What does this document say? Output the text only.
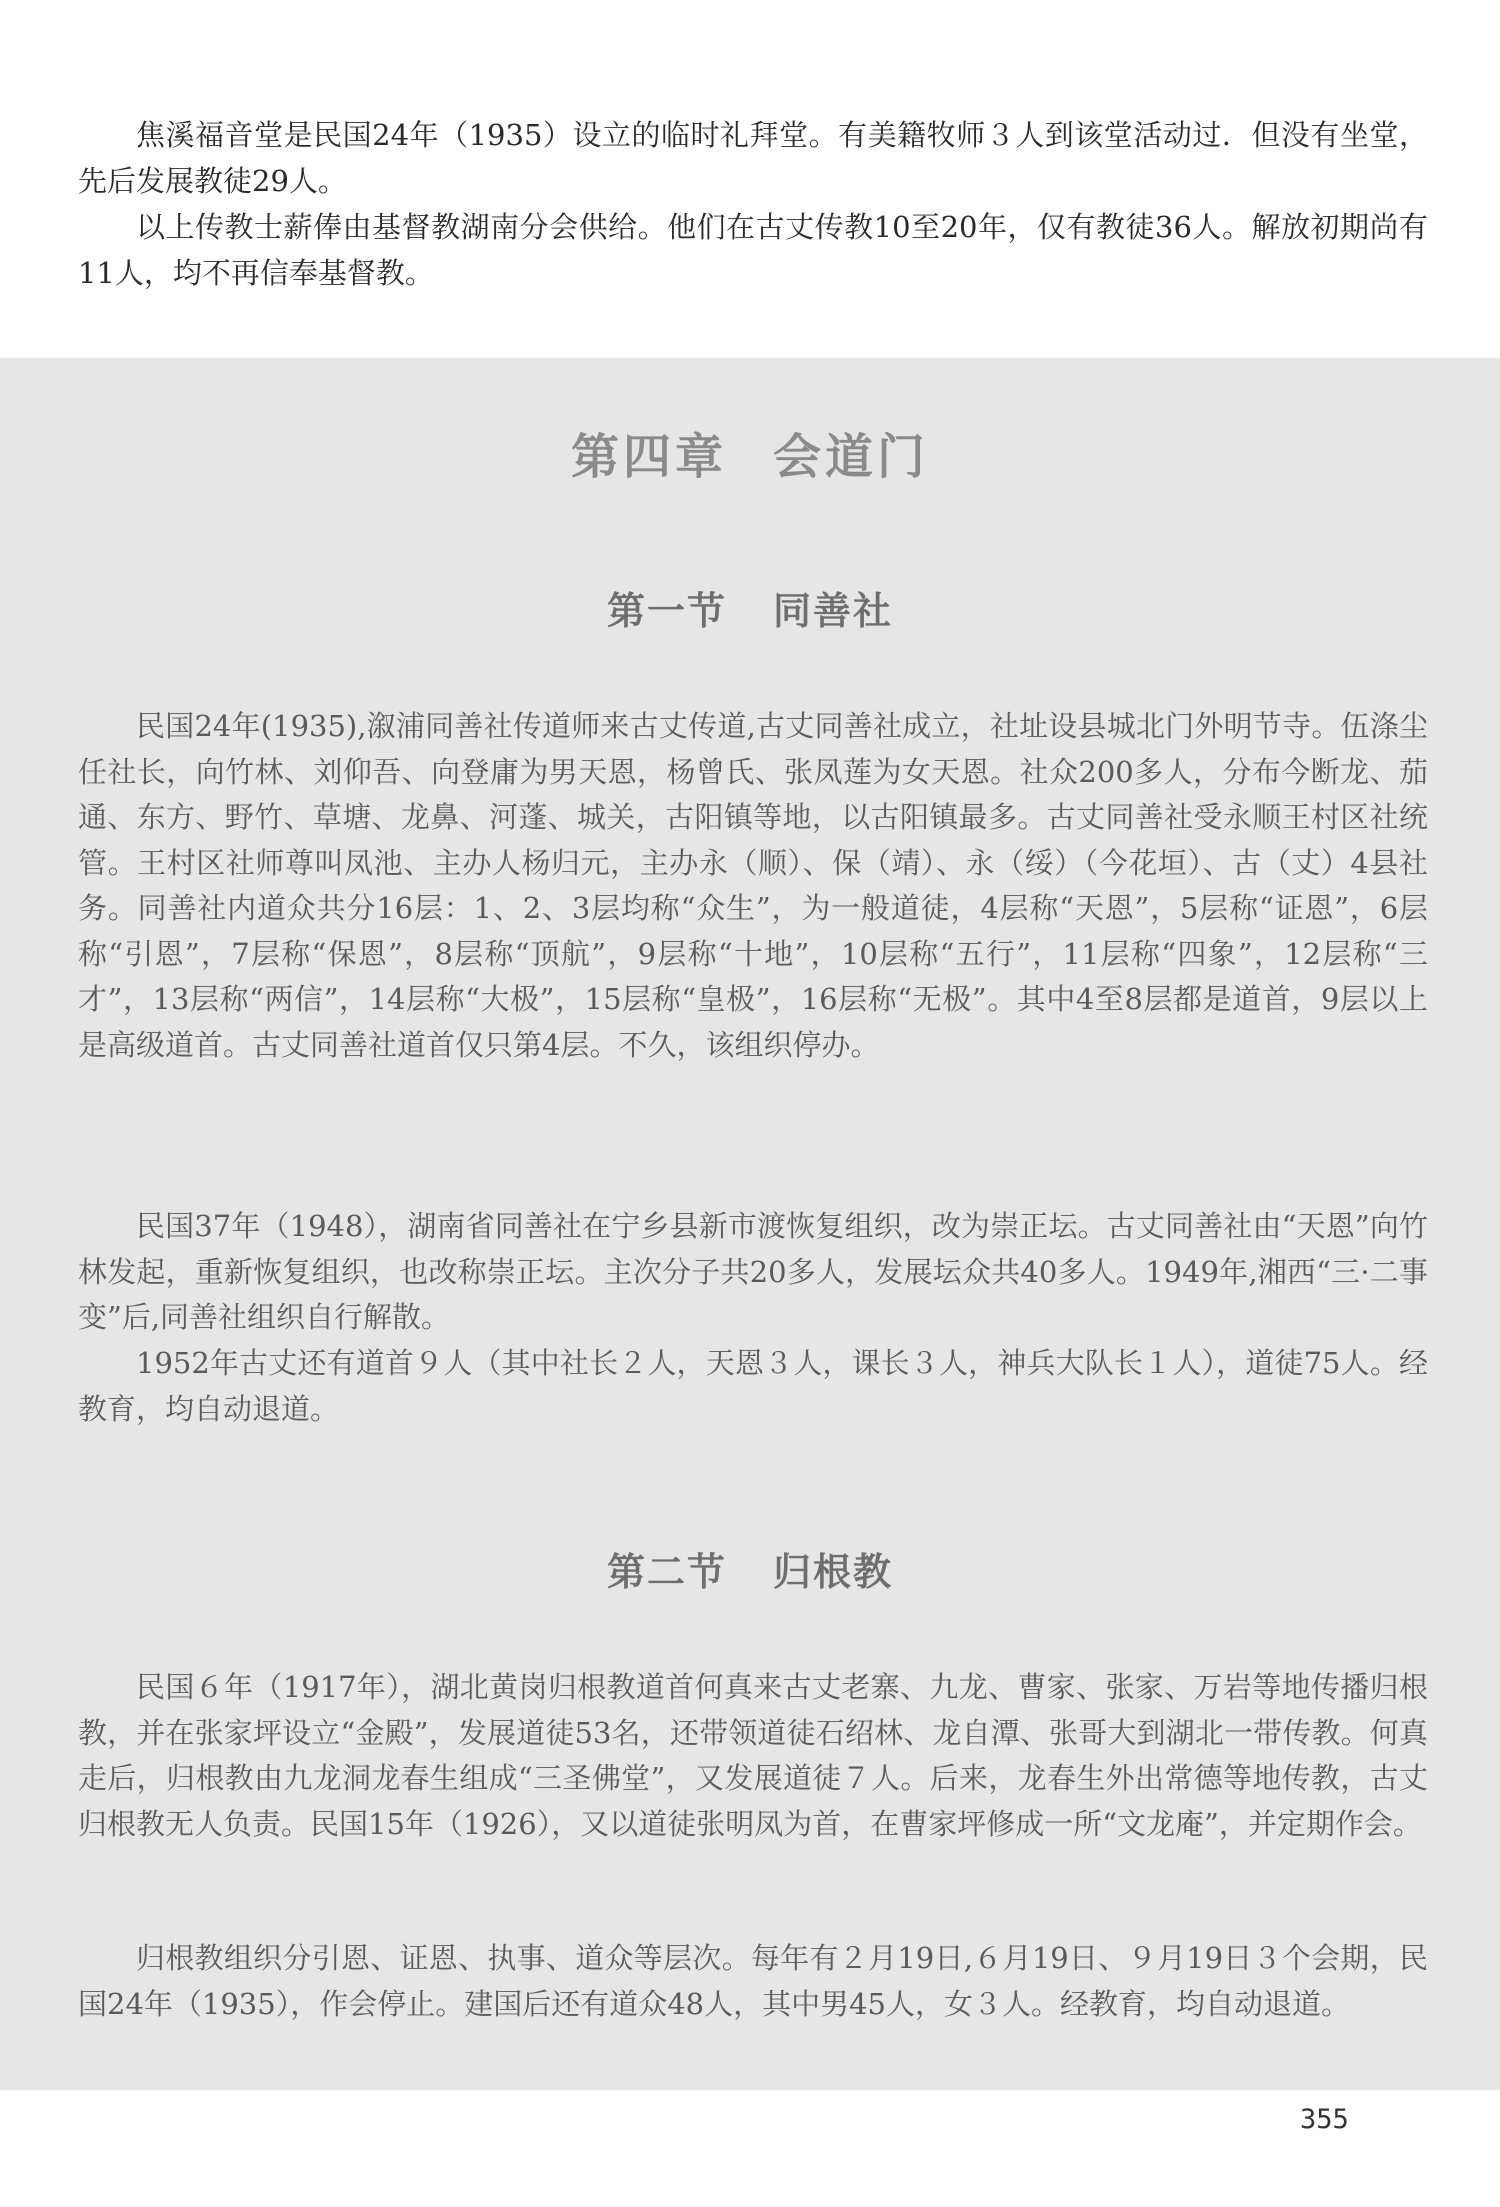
焦溪福音堂是民国24年（1935）设立的临时礼拜堂。有美籍牧师３人到该堂活动过．但没有坐堂，先后发展教徒29人。

以上传教士薪俸由基督教湖南分会供给。他们在古丈传教10至20年，仅有教徒36人。解放初期尚有11人，均不再信奉基督教。

第四章 会道门
第一节 同善社

民国24年(1935),溆浦同善社传道师来古丈传道,古丈同善社成立，社址设县城北门外明节寺。伍涤尘任社长，向竹林、刘仰吾、向登庸为男天恩，杨曾氏、张凤莲为女天恩。社众200多人，分布今断龙、茄通、东方、野竹、草塘、龙鼻、河蓬、城关，古阳镇等地，以古阳镇最多。古丈同善社受永顺王村区社统管。王村区社师尊叫凤池、主办人杨归元，主办永（顺）、保（靖）、永（绥）（今花垣）、古（丈）4县社务。同善社内道众共分16层：1、2、3层均称“众生”，为一般道徒，4层称“天恩”，5层称“证恩”，6层称“引恩”，7层称“保恩”，8层称“顶航”，9层称“十地”，10层称“五行”，11层称“四象”，12层称“三才”，13层称“两信”，14层称“大极”，15层称“皇极”，16层称“无极”。其中4至8层都是道首，9层以上是高级道首。古丈同善社道首仅只第4层。不久，该组织停办。

民国37年（1948），湖南省同善社在宁乡县新市渡恢复组织，改为崇正坛。古丈同善社由“天恩”向竹林发起，重新恢复组织，也改称崇正坛。主次分子共20多人，发展坛众共40多人。1949年,湘西“三·二事变”后,同善社组织自行解散。

1952年古丈还有道首９人（其中社长２人，天恩３人，课长３人，神兵大队长１人），道徒75人。经教育，均自动退道。

第二节 归根教

民国６年（1917年），湖北黄岗归根教道首何真来古丈老寨、九龙、曹家、张家、万岩等地传播归根教，并在张家坪设立“金殿”，发展道徒53名，还带领道徒石绍林、龙自潭、张哥大到湖北一带传教。何真走后，归根教由九龙洞龙春生组成“三圣佛堂”，又发展道徒７人。后来，龙春生外出常德等地传教，古丈归根教无人负责。民国15年（1926），又以道徒张明凤为首，在曹家坪修成一所“文龙庵”，并定期作会。

归根教组织分引恩、证恩、执事、道众等层次。每年有２月19日,６月19日、９月19日３个会期，民国24年（1935），作会停止。建国后还有道众48人，其中男45人，女３人。经教育，均自动退道。

355
